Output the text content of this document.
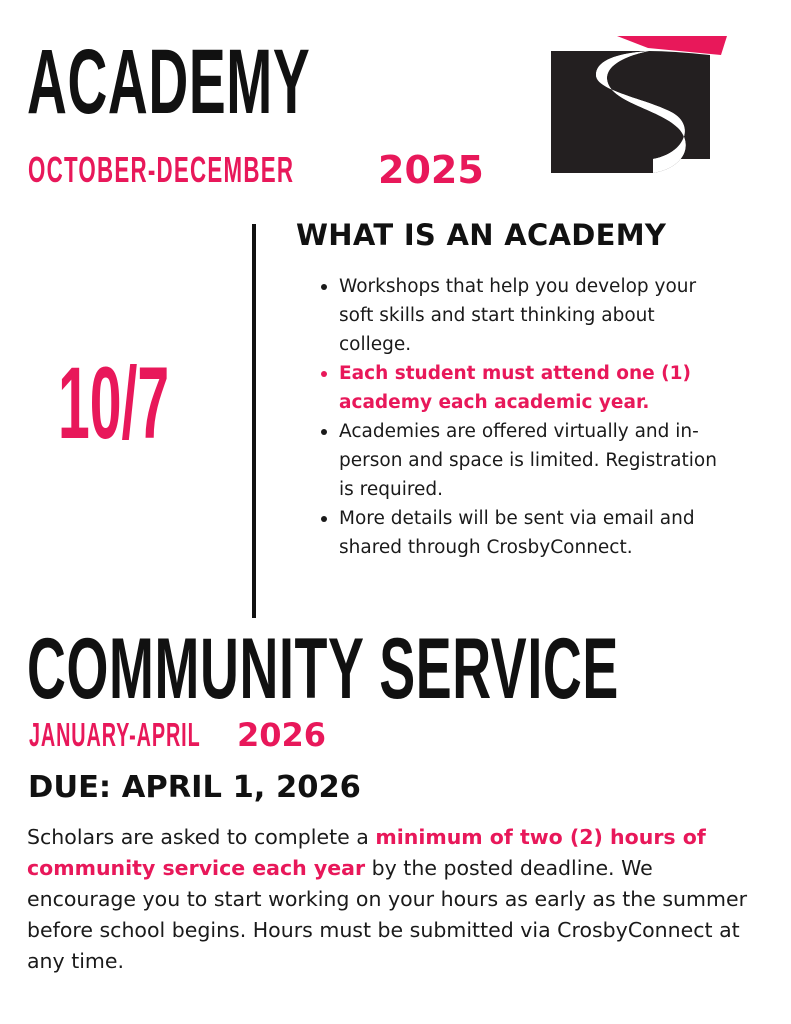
ACADEMY
OCTOBER-DECEMBER 2025
10/7
WHAT IS AN ACADEMY
Workshops that help you develop your soft skills and start thinking about college.
Each student must attend one (1) academy each academic year.
Academies are offered virtually and in-person and space is limited. Registration is required.
More details will be sent via email and shared through CrosbyConnect.
COMMUNITY SERVICE
JANUARY-APRIL 2026
DUE: APRIL 1, 2026

Scholars are asked to complete a minimum of two (2) hours of community service each year by the posted deadline. We encourage you to start working on your hours as early as the summer before school begins. Hours must be submitted via CrosbyConnect at any time.
